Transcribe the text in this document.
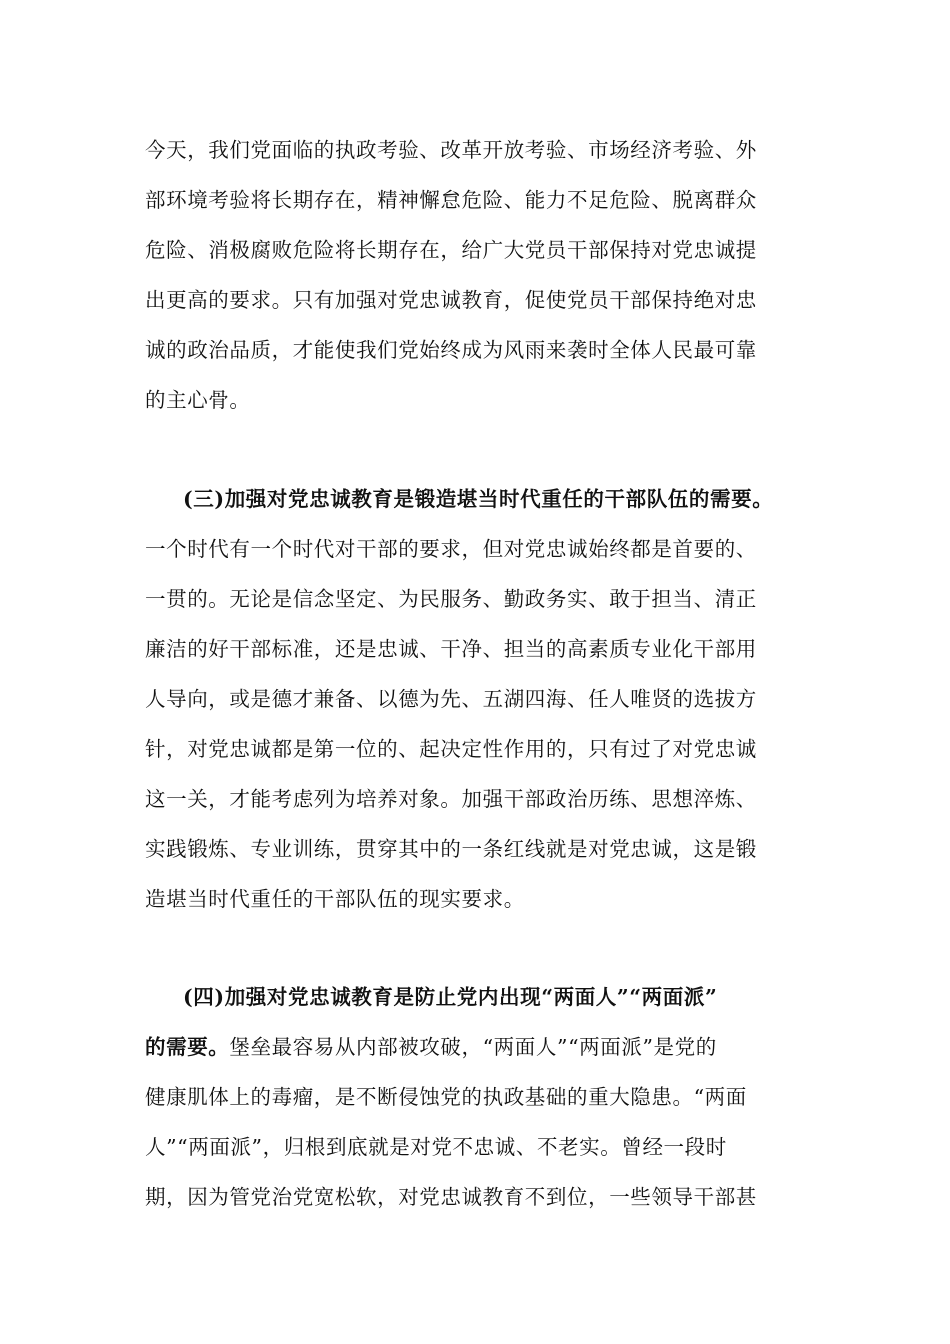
今天，我们党面临的执政考验、改革开放考验、市场经济考验、外
部环境考验将长期存在，精神懈怠危险、能力不足危险、脱离群众
危险、消极腐败危险将长期存在，给广大党员干部保持对党忠诚提
出更高的要求。只有加强对党忠诚教育，促使党员干部保持绝对忠
诚的政治品质，才能使我们党始终成为风雨来袭时全体人民最可靠
的主心骨。
(三)加强对党忠诚教育是锻造堪当时代重任的干部队伍的需要。
一个时代有一个时代对干部的要求，但对党忠诚始终都是首要的、
一贯的。无论是信念坚定、为民服务、勤政务实、敢于担当、清正
廉洁的好干部标准，还是忠诚、干净、担当的高素质专业化干部用
人导向，或是德才兼备、以德为先、五湖四海、任人唯贤的选拔方
针，对党忠诚都是第一位的、起决定性作用的，只有过了对党忠诚
这一关，才能考虑列为培养对象。加强干部政治历练、思想淬炼、
实践锻炼、专业训练，贯穿其中的一条红线就是对党忠诚，这是锻
造堪当时代重任的干部队伍的现实要求。
(四)加强对党忠诚教育是防止党内出现“两面人”“两面派”
的需要。堡垒最容易从内部被攻破，“两面人”“两面派”是党的
健康肌体上的毒瘤，是不断侵蚀党的执政基础的重大隐患。“两面
人”“两面派”，归根到底就是对党不忠诚、不老实。曾经一段时
期，因为管党治党宽松软，对党忠诚教育不到位，一些领导干部甚
